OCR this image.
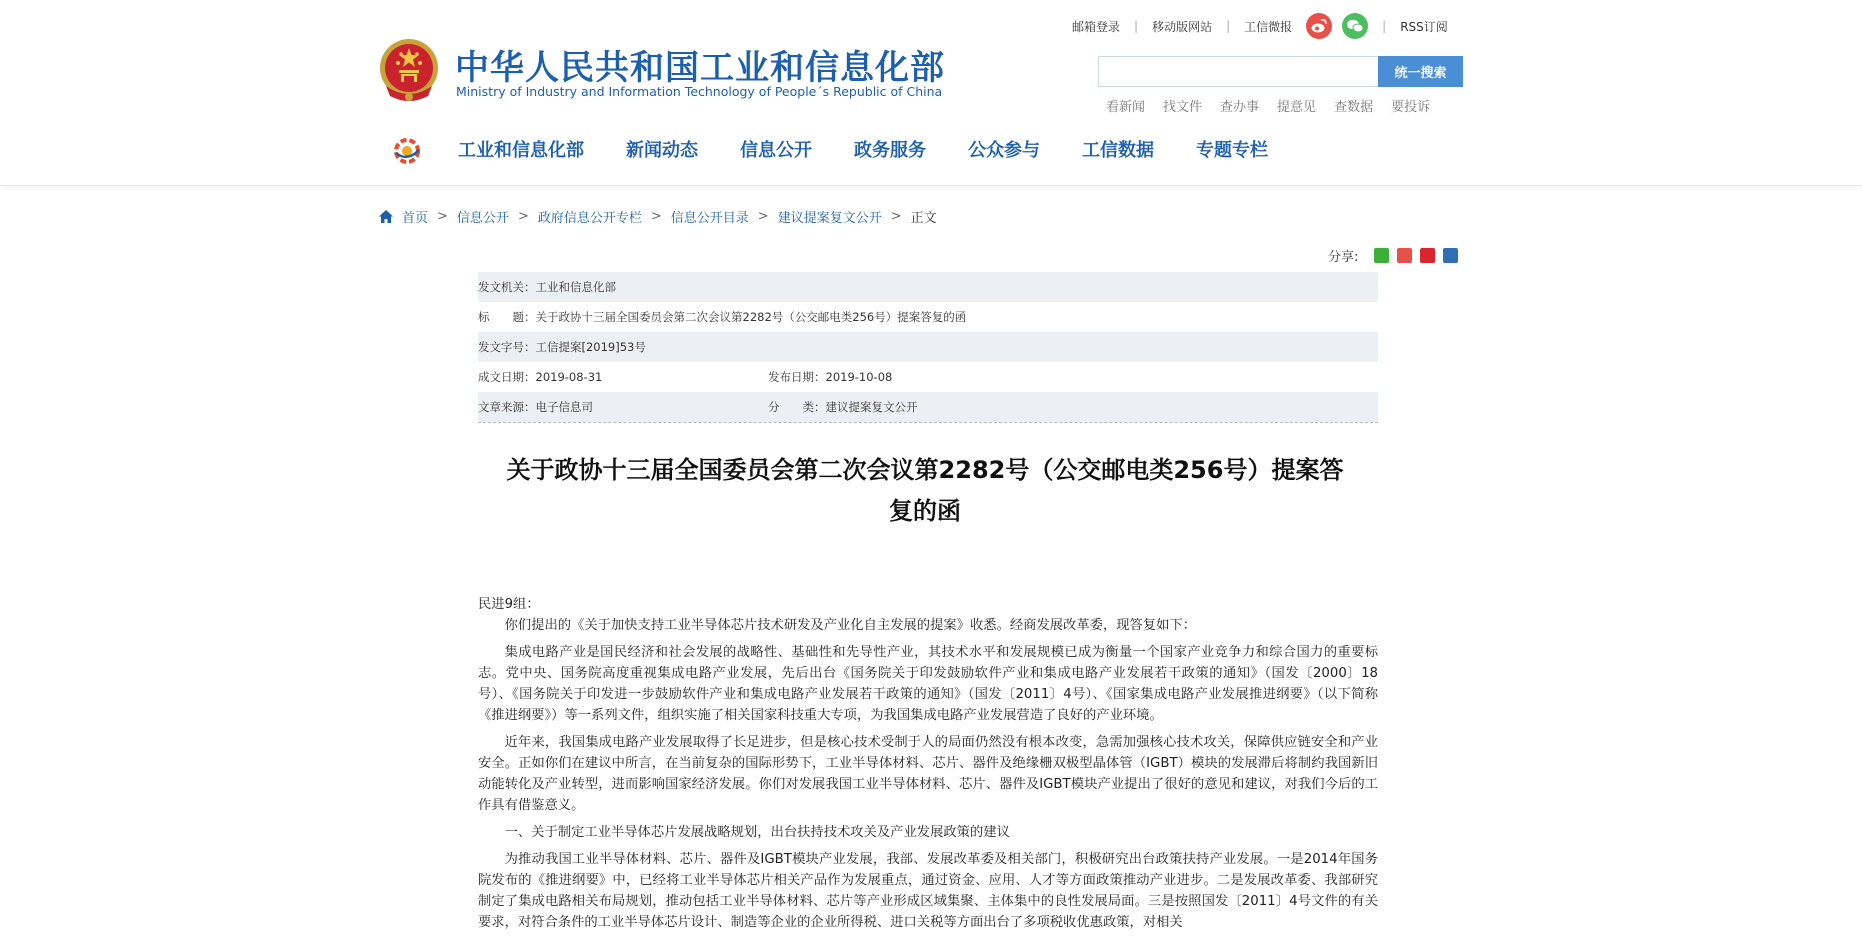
中华人民共和国工业和信息化部
Ministry of Industry and Information Technology of People´s Republic of China
邮箱登录 | 移动版网站 | 工信微报	| RSS订阅
统一搜索
看新闻 找文件 查办事 提意见 查数据 要投诉
工业和信息化部 新闻动态 信息公开 政务服务 公众参与 工信数据 专题专栏
首页 > 信息公开 > 政府信息公开专栏 > 信息公开目录 > 建议提案复文公开 > 正文
分享:
发文机关：工业和信息化部
标　　题：关于政协十三届全国委员会第二次会议第2282号（公交邮电类256号）提案答复的函
发文字号：工信提案[2019]53号
成文日期：2019-08-31	发布日期：2019-10-08
文章来源：电子信息司	分　　类：建议提案复文公开
关于政协十三届全国委员会第二次会议第2282号（公交邮电类256号）提案答复的函

民进9组：

你们提出的《关于加快支持工业半导体芯片技术研发及产业化自主发展的提案》收悉。经商发展改革委，现答复如下：

集成电路产业是国民经济和社会发展的战略性、基础性和先导性产业，其技术水平和发展规模已成为衡量一个国家产业竞争力和综合国力的重要标志。党中央、国务院高度重视集成电路产业发展，先后出台《国务院关于印发鼓励软件产业和集成电路产业发展若干政策的通知》（国发〔2000〕18号）、《国务院关于印发进一步鼓励软件产业和集成电路产业发展若干政策的通知》（国发〔2011〕4号）、《国家集成电路产业发展推进纲要》（以下简称《推进纲要》）等一系列文件，组织实施了相关国家科技重大专项，为我国集成电路产业发展营造了良好的产业环境。

近年来，我国集成电路产业发展取得了长足进步，但是核心技术受制于人的局面仍然没有根本改变，急需加强核心技术攻关，保障供应链安全和产业安全。正如你们在建议中所言，在当前复杂的国际形势下，工业半导体材料、芯片、器件及绝缘栅双极型晶体管（IGBT）模块的发展滞后将制约我国新旧动能转化及产业转型，进而影响国家经济发展。你们对发展我国工业半导体材料、芯片、器件及IGBT模块产业提出了很好的意见和建议，对我们今后的工作具有借鉴意义。

一、关于制定工业半导体芯片发展战略规划，出台扶持技术攻关及产业发展政策的建议

为推动我国工业半导体材料、芯片、器件及IGBT模块产业发展，我部、发展改革委及相关部门，积极研究出台政策扶持产业发展。一是2014年国务院发布的《推进纲要》中，已经将工业半导体芯片相关产品作为发展重点，通过资金、应用、人才等方面政策推动产业进步。二是发展改革委、我部研究制定了集成电路相关布局规划，推动包括工业半导体材料、芯片等产业形成区域集聚、主体集中的良性发展局面。三是按照国发〔2011〕4号文件的有关要求，对符合条件的工业半导体芯片设计、制造等企业的企业所得税、进口关税等方面出台了多项税收优惠政策，对相关
